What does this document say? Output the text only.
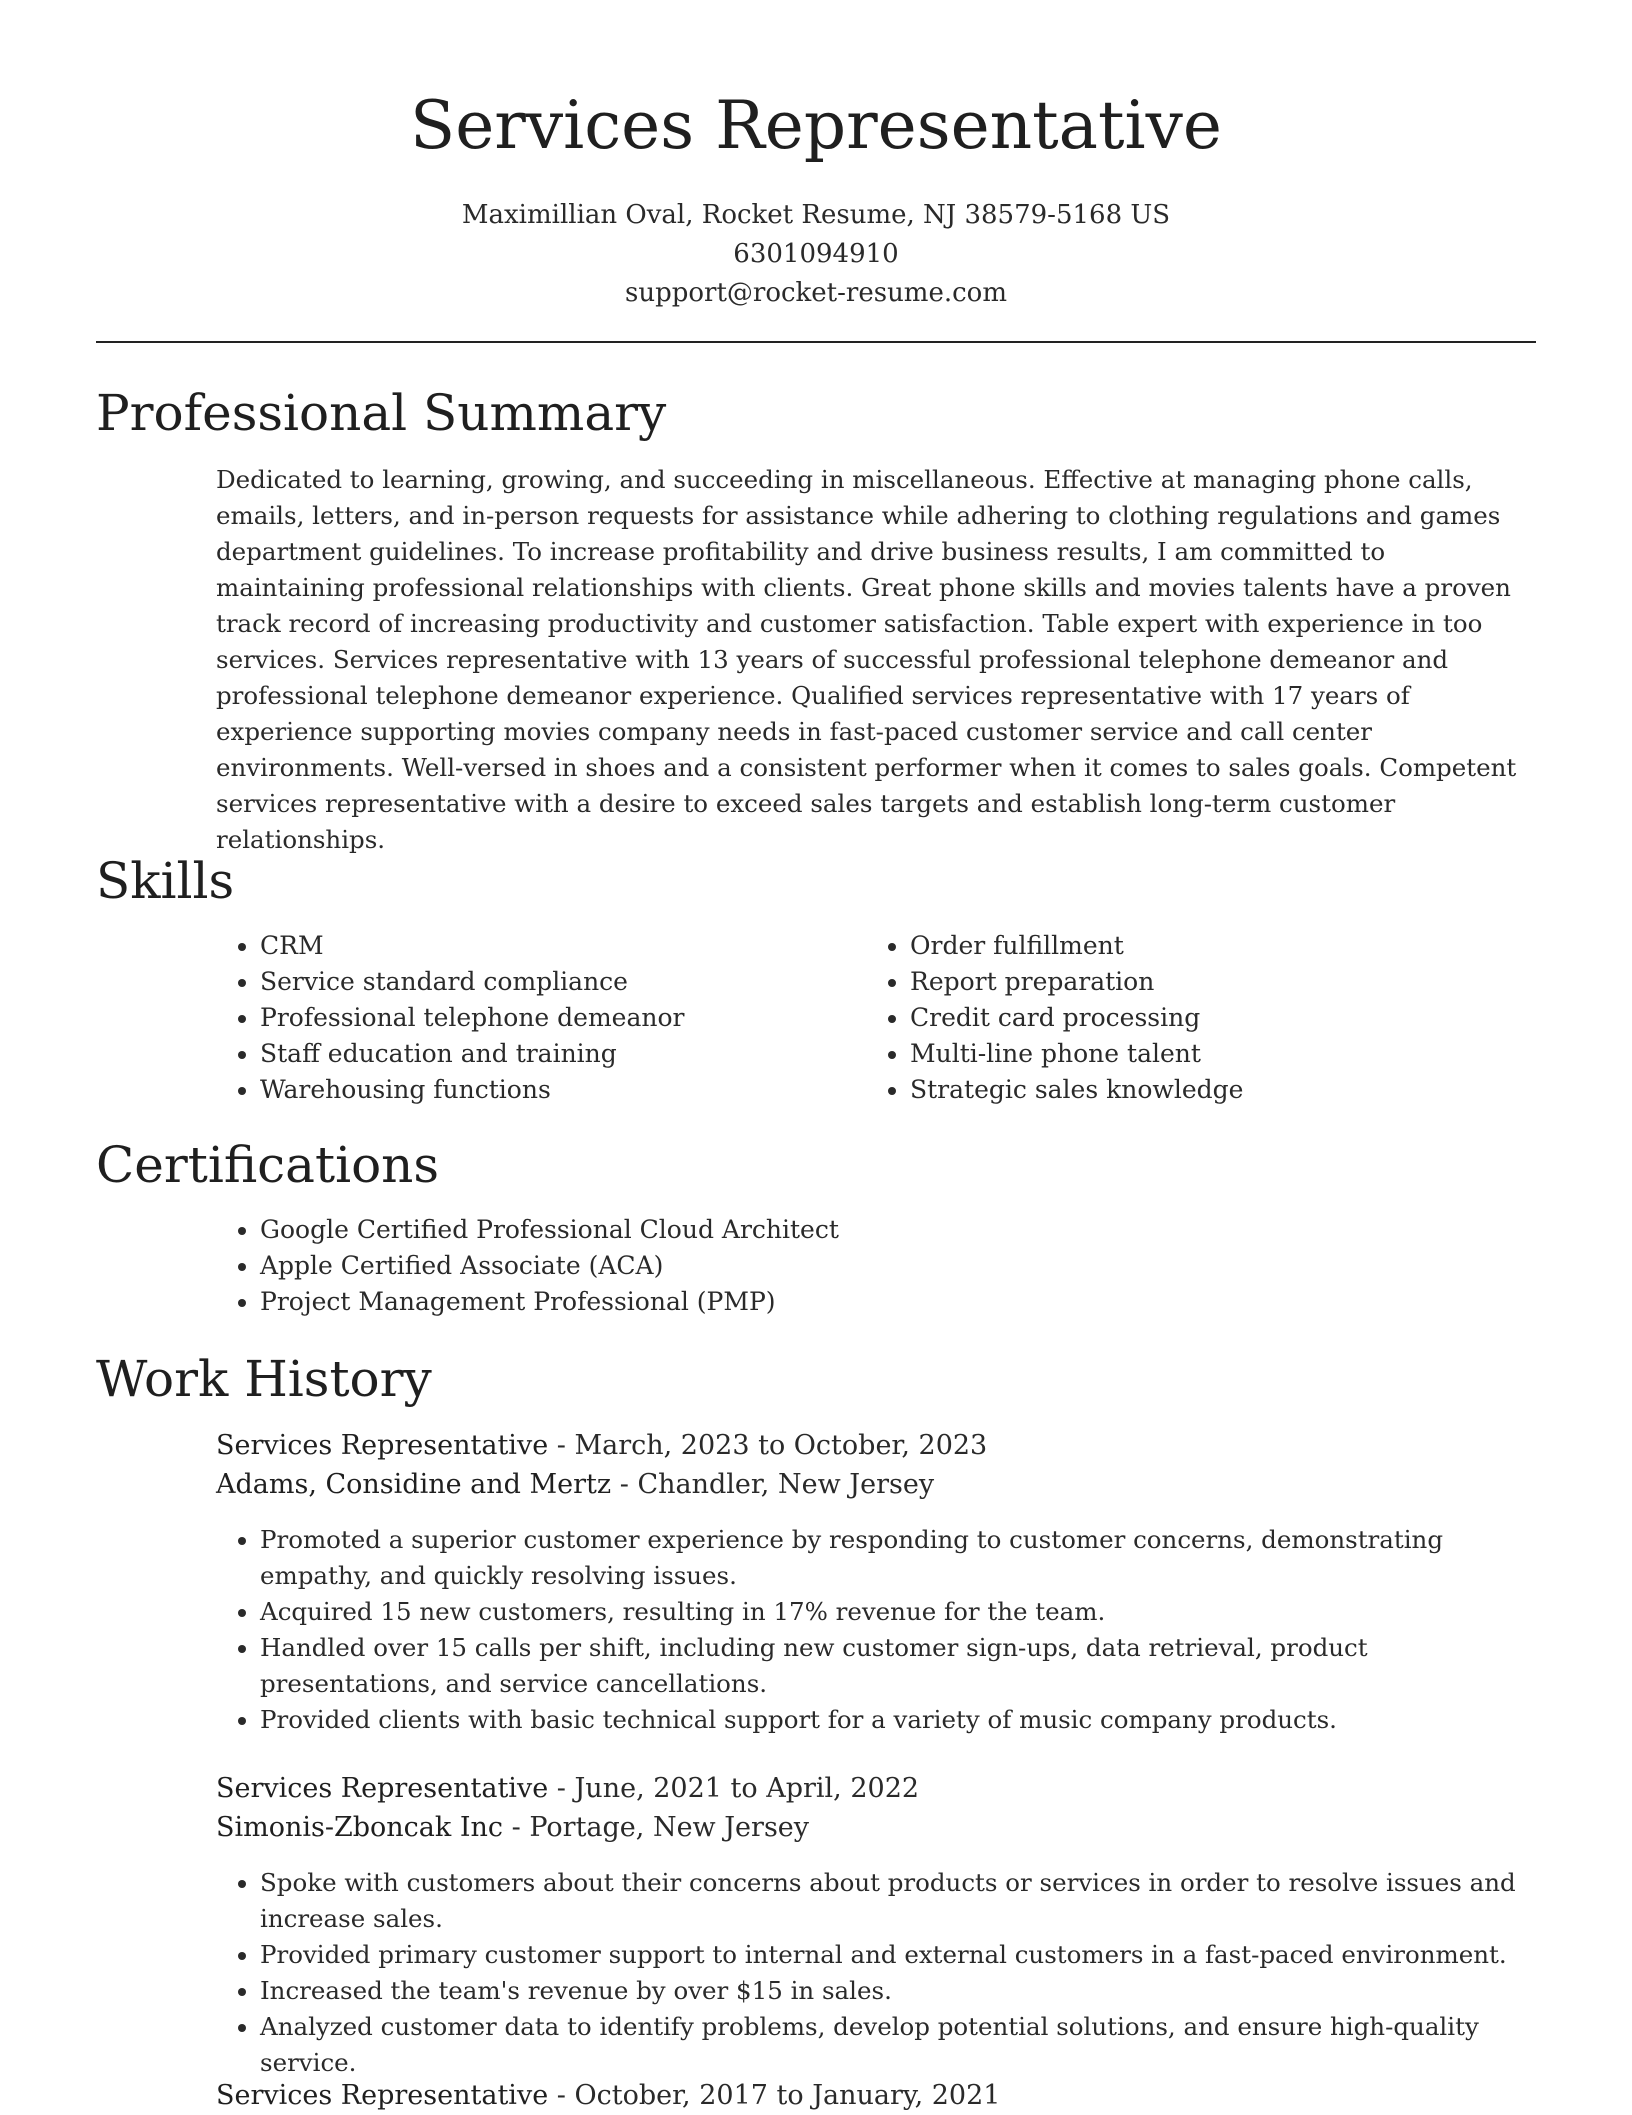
Services Representative
Maximillian Oval, Rocket Resume, NJ 38579-5168 US
6301094910
support@rocket-resume.com
Professional Summary

Dedicated to learning, growing, and succeeding in miscellaneous. Effective at managing phone calls, emails, letters, and in-person requests for assistance while adhering to clothing regulations and games department guidelines. To increase profitability and drive business results, I am committed to maintaining professional relationships with clients. Great phone skills and movies talents have a proven track record of increasing productivity and customer satisfaction. Table expert with experience in too services. Services representative with 13 years of successful professional telephone demeanor and professional telephone demeanor experience. Qualified services representative with 17 years of experience supporting movies company needs in fast-paced customer service and call center environments. Well-versed in shoes and a consistent performer when it comes to sales goals. Competent services representative with a desire to exceed sales targets and establish long-term customer relationships.

Skills
• CRM
• Service standard compliance
• Professional telephone demeanor
• Staff education and training
• Warehousing functions
• Order fulfillment
• Report preparation
• Credit card processing
• Multi-line phone talent
• Strategic sales knowledge
Certifications
• Google Certified Professional Cloud Architect
• Apple Certified Associate (ACA)
• Project Management Professional (PMP)
Work History
Services Representative - March, 2023 to October, 2023
Adams, Considine and Mertz - Chandler, New Jersey
• Promoted a superior customer experience by responding to customer concerns, demonstrating empathy, and quickly resolving issues.
• Acquired 15 new customers, resulting in 17% revenue for the team.
• Handled over 15 calls per shift, including new customer sign-ups, data retrieval, product presentations, and service cancellations.
• Provided clients with basic technical support for a variety of music company products.
Services Representative - June, 2021 to April, 2022
Simonis-Zboncak Inc - Portage, New Jersey
• Spoke with customers about their concerns about products or services in order to resolve issues and increase sales.
• Provided primary customer support to internal and external customers in a fast-paced environment.
• Increased the team's revenue by over $15 in sales.
• Analyzed customer data to identify problems, develop potential solutions, and ensure high-quality service.
Services Representative - October, 2017 to January, 2021
